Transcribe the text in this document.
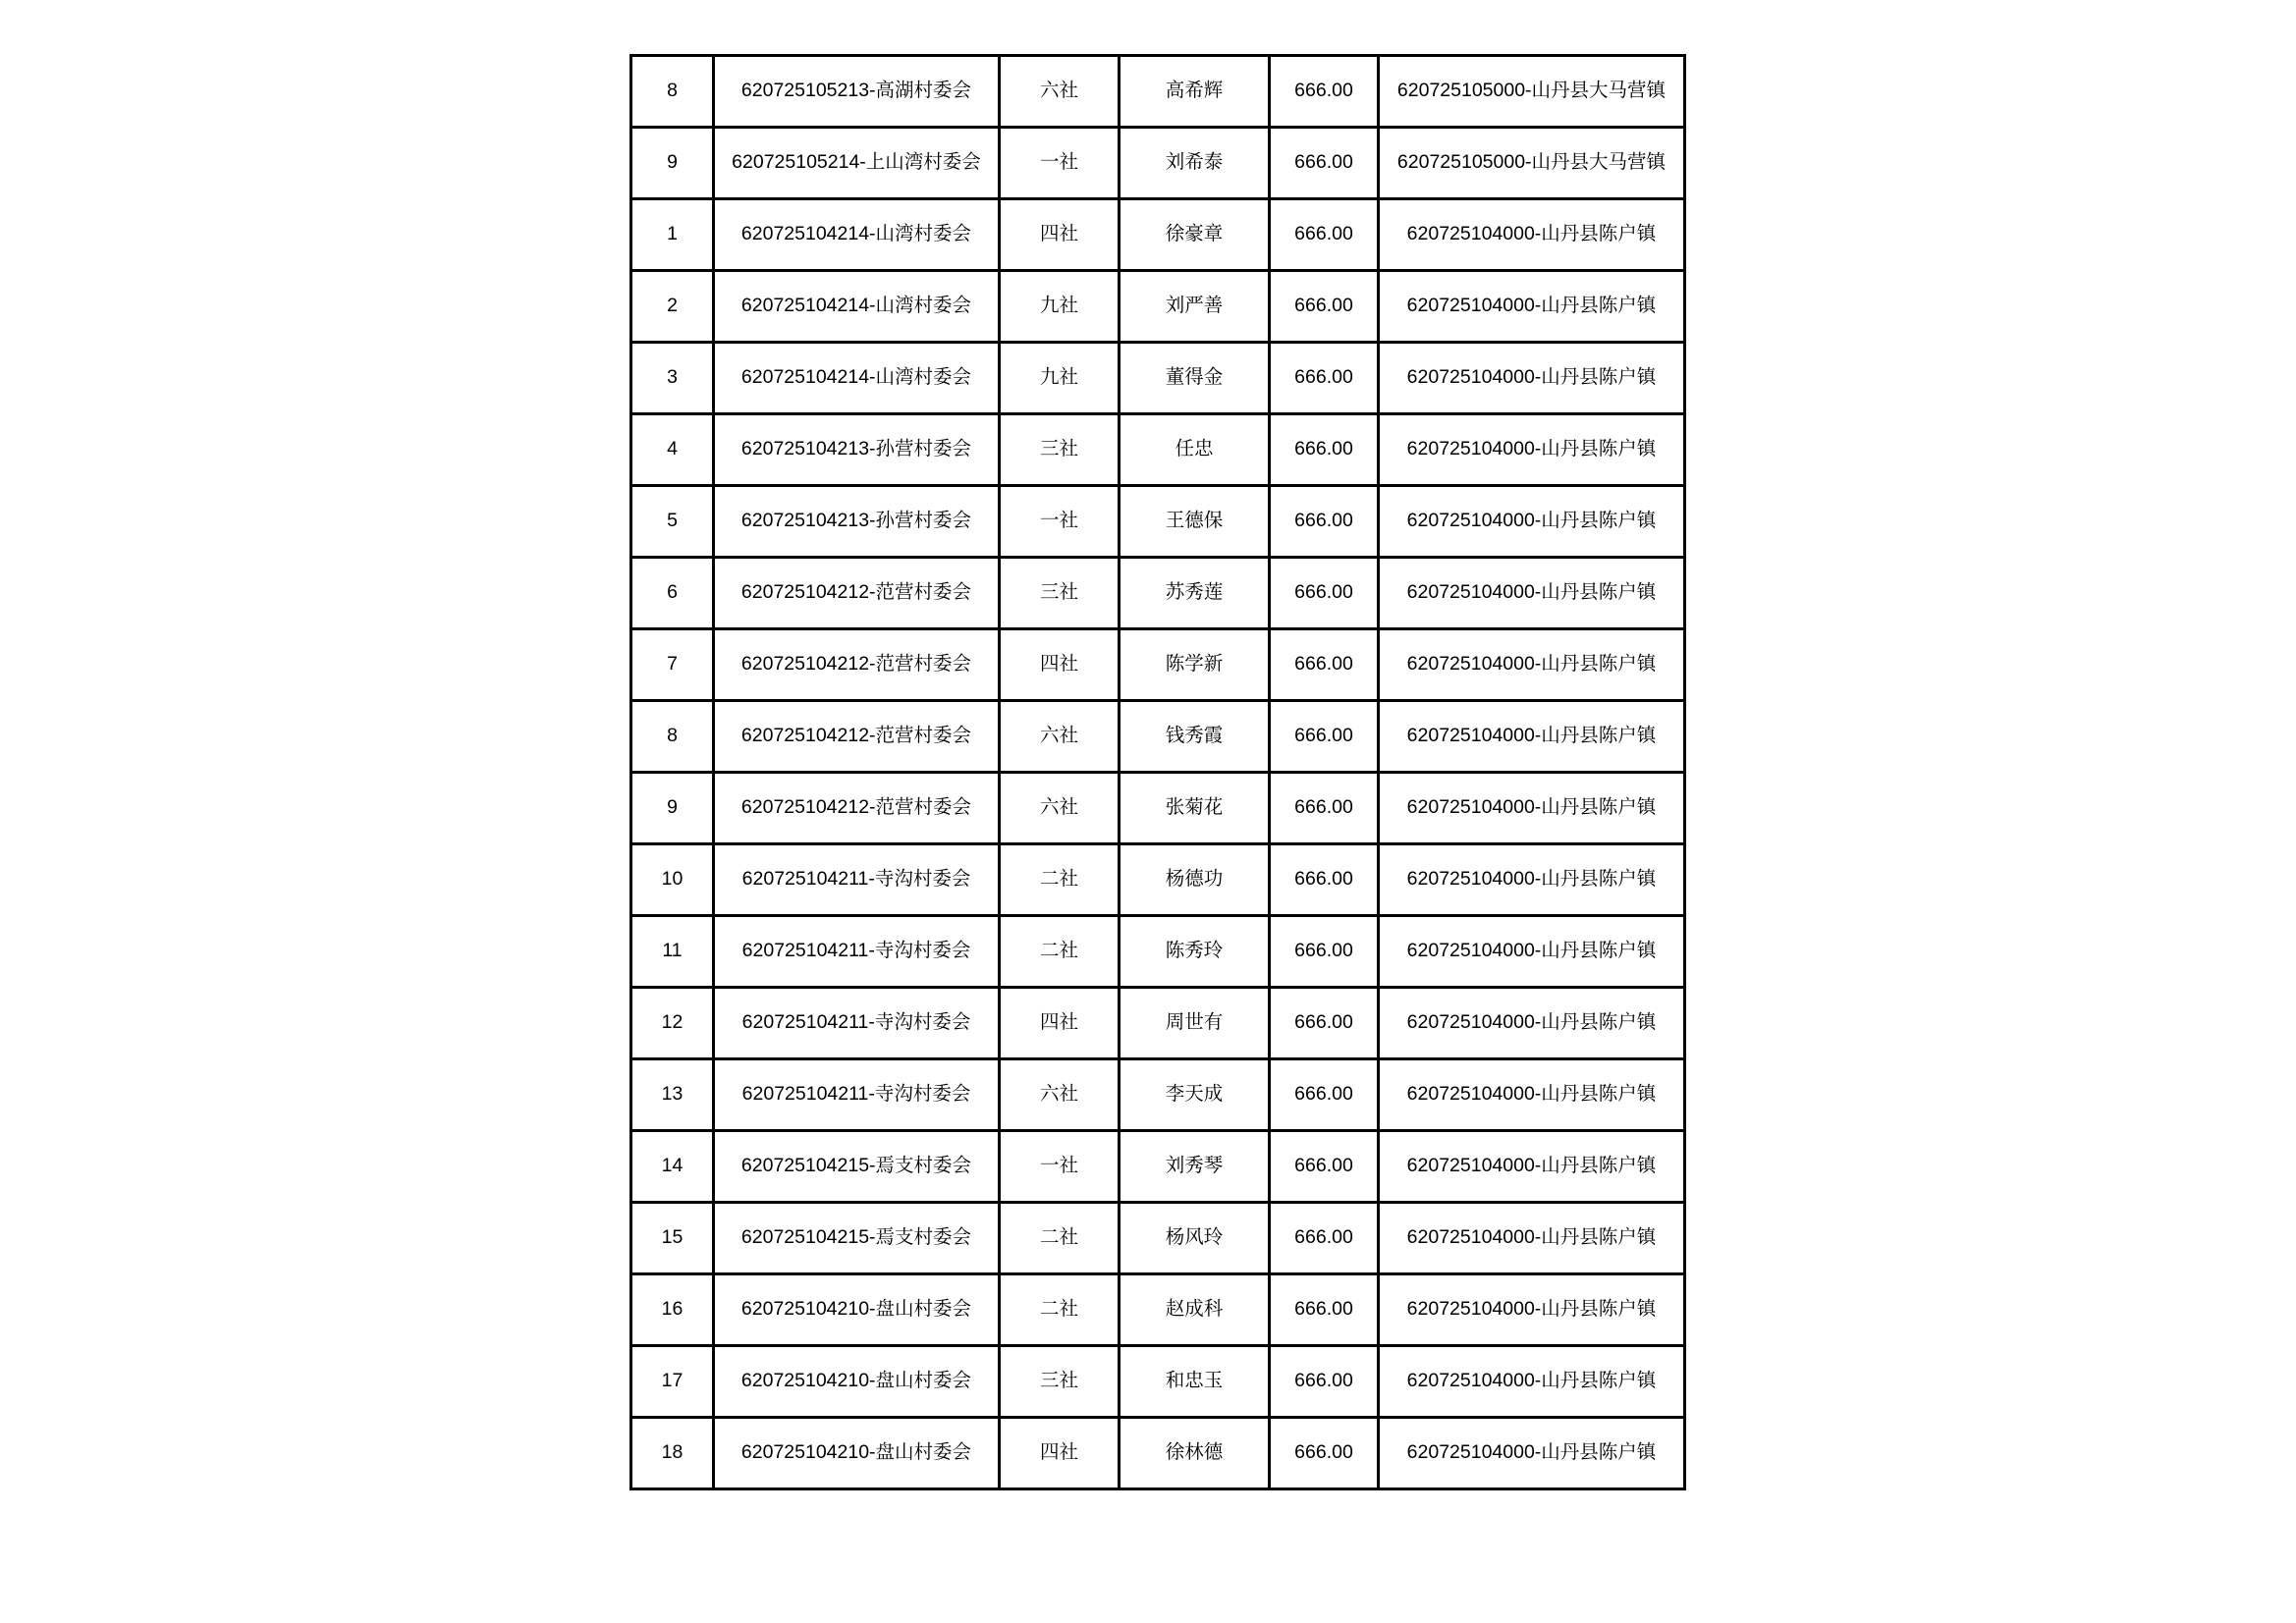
8	620725105213-高湖村委会	六社	高希辉	666.00	620725105000-山丹县大马营镇
9	620725105214-上山湾村委会	一社	刘希泰	666.00	620725105000-山丹县大马营镇
1	620725104214-山湾村委会	四社	徐豪章	666.00	620725104000-山丹县陈户镇
2	620725104214-山湾村委会	九社	刘严善	666.00	620725104000-山丹县陈户镇
3	620725104214-山湾村委会	九社	董得金	666.00	620725104000-山丹县陈户镇
4	620725104213-孙营村委会	三社	任忠	666.00	620725104000-山丹县陈户镇
5	620725104213-孙营村委会	一社	王德保	666.00	620725104000-山丹县陈户镇
6	620725104212-范营村委会	三社	苏秀莲	666.00	620725104000-山丹县陈户镇
7	620725104212-范营村委会	四社	陈学新	666.00	620725104000-山丹县陈户镇
8	620725104212-范营村委会	六社	钱秀霞	666.00	620725104000-山丹县陈户镇
9	620725104212-范营村委会	六社	张菊花	666.00	620725104000-山丹县陈户镇
10	620725104211-寺沟村委会	二社	杨德功	666.00	620725104000-山丹县陈户镇
11	620725104211-寺沟村委会	二社	陈秀玲	666.00	620725104000-山丹县陈户镇
12	620725104211-寺沟村委会	四社	周世有	666.00	620725104000-山丹县陈户镇
13	620725104211-寺沟村委会	六社	李天成	666.00	620725104000-山丹县陈户镇
14	620725104215-焉支村委会	一社	刘秀琴	666.00	620725104000-山丹县陈户镇
15	620725104215-焉支村委会	二社	杨风玲	666.00	620725104000-山丹县陈户镇
16	620725104210-盘山村委会	二社	赵成科	666.00	620725104000-山丹县陈户镇
17	620725104210-盘山村委会	三社	和忠玉	666.00	620725104000-山丹县陈户镇
18	620725104210-盘山村委会	四社	徐林德	666.00	620725104000-山丹县陈户镇
